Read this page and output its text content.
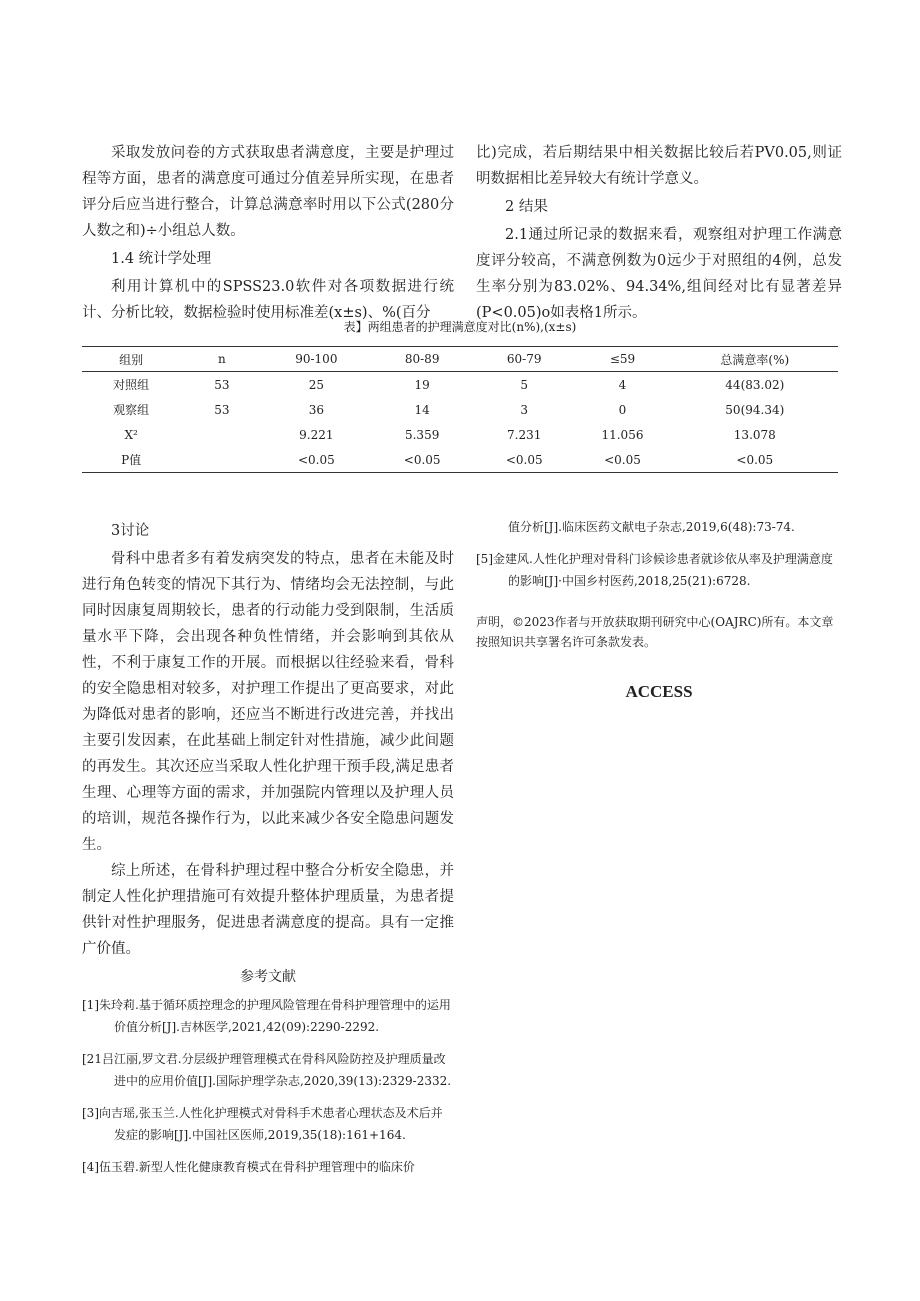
采取发放问卷的方式获取患者满意度，主要是护理过程等方面，患者的满意度可通过分值差异所实现，在患者评分后应当进行整合，计算总满意率时用以下公式(280分人数之和)÷小组总人数。

1.4 统计学处理

利用计算机中的SPSS23.0软件对各项数据进行统计、分析比较，数据检验时使用标准差(x±s)、%(百分

比)完成，若后期结果中相关数据比较后若PV0.05,则证明数据相比差异较大有统计学意义。

2 结果

2.1通过所记录的数据来看，观察组对护理工作满意度评分较高，不满意例数为0远少于对照组的4例，总发生率分别为83.02%、94.34%,组间经对比有显著差异(P<0.05)o如表格1所示。

表】两组患者的护理满意度对比(n%),(x±s)
组别	n	90-100	80-89	60-79	≤59	总满意率(%)
对照组	53	25	19	5	4	44(83.02)
观察组	53	36	14	3	0	50(94.34)
X²		9.221	5.359	7.231	11.056	13.078
P值		<0.05	<0.05	<0.05	<0.05	<0.05
3讨论

骨科中患者多有着发病突发的特点，患者在未能及时进行角色转变的情况下其行为、情绪均会无法控制，与此同时因康复周期较长，患者的行动能力受到限制，生活质量水平下降，会出现各种负性情绪，并会影响到其依从性，不利于康复工作的开展。而根据以往经验来看，骨科的安全隐患相对较多，对护理工作提出了更高要求，对此为降低对患者的影响，还应当不断进行改进完善，并找出主要引发因素，在此基础上制定针对性措施，减少此间题的再发生。其次还应当采取人性化护理干预手段,满足患者生理、心理等方面的需求，并加强院内管理以及护理人员的培训，规范各操作行为，以此来减少各安全隐患问题发生。

综上所述，在骨科护理过程中整合分析安全隐患，并制定人性化护理措施可有效提升整体护理质量，为患者提供针对性护理服务，促进患者满意度的提高。具有一定推广价值。

参考文献

[1]朱玲莉.基于循环质控理念的护理风险管理在骨科护理管理中的运用价值分析[J].吉林医学,2021,42(09):2290-2292.

[21吕江丽,罗文君.分层级护理管理模式在骨科风险防控及护理质量改进中的应用价值[J].国际护理学杂志,2020,39(13):2329-2332.

[3]向吉瑶,张玉兰.人性化护理模式对骨科手术患者心理状态及术后并发症的影响[J].中国社区医师,2019,35(18):161+164.

[4]伍玉碧.新型人性化健康教育模式在骨科护理管理中的临床价

值分析[J].临床医药文献电子杂志,2019,6(48):73-74.

[5]金建风.人性化护理对骨科门诊候诊患者就诊依从率及护理满意度的影响[J]·中国乡村医药,2018,25(21):6728.

声明，©2023作者与开放获取期刊研究中心(OAJRC)所有。本文章按照知识共享署名许可条款发表。

ACCESS
